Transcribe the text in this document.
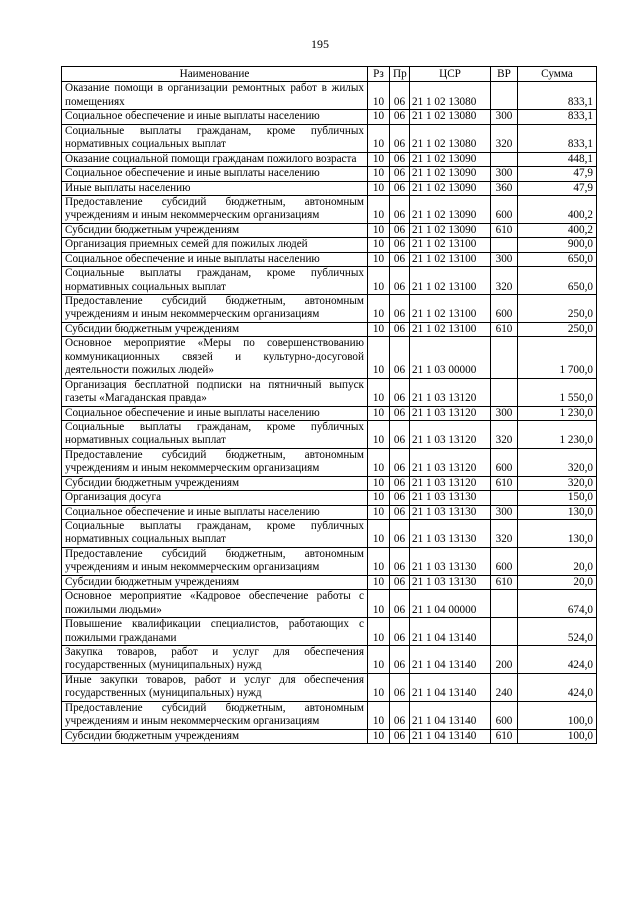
195
Наименование	Рз	Пр	ЦСР	ВР	Сумма
Оказание помощи в организации ремонтных работ в жилых помещениях	10	06	21 1 02 13080		833,1
Социальное обеспечение и иные выплаты населению	10	06	21 1 02 13080	300	833,1
Социальные выплаты гражданам, кроме публичных нормативных социальных выплат	10	06	21 1 02 13080	320	833,1
Оказание социальной помощи гражданам пожилого возраста	10	06	21 1 02 13090		448,1
Социальное обеспечение и иные выплаты населению	10	06	21 1 02 13090	300	47,9
Иные выплаты населению	10	06	21 1 02 13090	360	47,9
Предоставление субсидий бюджетным, автономным учреждениям и иным некоммерческим организациям	10	06	21 1 02 13090	600	400,2
Субсидии бюджетным учреждениям	10	06	21 1 02 13090	610	400,2
Организация приемных семей для пожилых людей	10	06	21 1 02 13100		900,0
Социальное обеспечение и иные выплаты населению	10	06	21 1 02 13100	300	650,0
Социальные выплаты гражданам, кроме публичных нормативных социальных выплат	10	06	21 1 02 13100	320	650,0
Предоставление субсидий бюджетным, автономным учреждениям и иным некоммерческим организациям	10	06	21 1 02 13100	600	250,0
Субсидии бюджетным учреждениям	10	06	21 1 02 13100	610	250,0
Основное мероприятие «Меры по совершенствованию коммуникационных связей и культурно-досуговой деятельности пожилых людей»	10	06	21 1 03 00000		1 700,0
Организация бесплатной подписки на пятничный выпуск газеты «Магаданская правда»	10	06	21 1 03 13120		1 550,0
Социальное обеспечение и иные выплаты населению	10	06	21 1 03 13120	300	1 230,0
Социальные выплаты гражданам, кроме публичных нормативных социальных выплат	10	06	21 1 03 13120	320	1 230,0
Предоставление субсидий бюджетным, автономным учреждениям и иным некоммерческим организациям	10	06	21 1 03 13120	600	320,0
Субсидии бюджетным учреждениям	10	06	21 1 03 13120	610	320,0
Организация досуга	10	06	21 1 03 13130		150,0
Социальное обеспечение и иные выплаты населению	10	06	21 1 03 13130	300	130,0
Социальные выплаты гражданам, кроме публичных нормативных социальных выплат	10	06	21 1 03 13130	320	130,0
Предоставление субсидий бюджетным, автономным учреждениям и иным некоммерческим организациям	10	06	21 1 03 13130	600	20,0
Субсидии бюджетным учреждениям	10	06	21 1 03 13130	610	20,0
Основное мероприятие «Кадровое обеспечение работы с пожилыми людьми»	10	06	21 1 04 00000		674,0
Повышение квалификации специалистов, работающих с пожилыми гражданами	10	06	21 1 04 13140		524,0
Закупка товаров, работ и услуг для обеспечения государственных (муниципальных) нужд	10	06	21 1 04 13140	200	424,0
Иные закупки товаров, работ и услуг для обеспечения государственных (муниципальных) нужд	10	06	21 1 04 13140	240	424,0
Предоставление субсидий бюджетным, автономным учреждениям и иным некоммерческим организациям	10	06	21 1 04 13140	600	100,0
Субсидии бюджетным учреждениям	10	06	21 1 04 13140	610	100,0
